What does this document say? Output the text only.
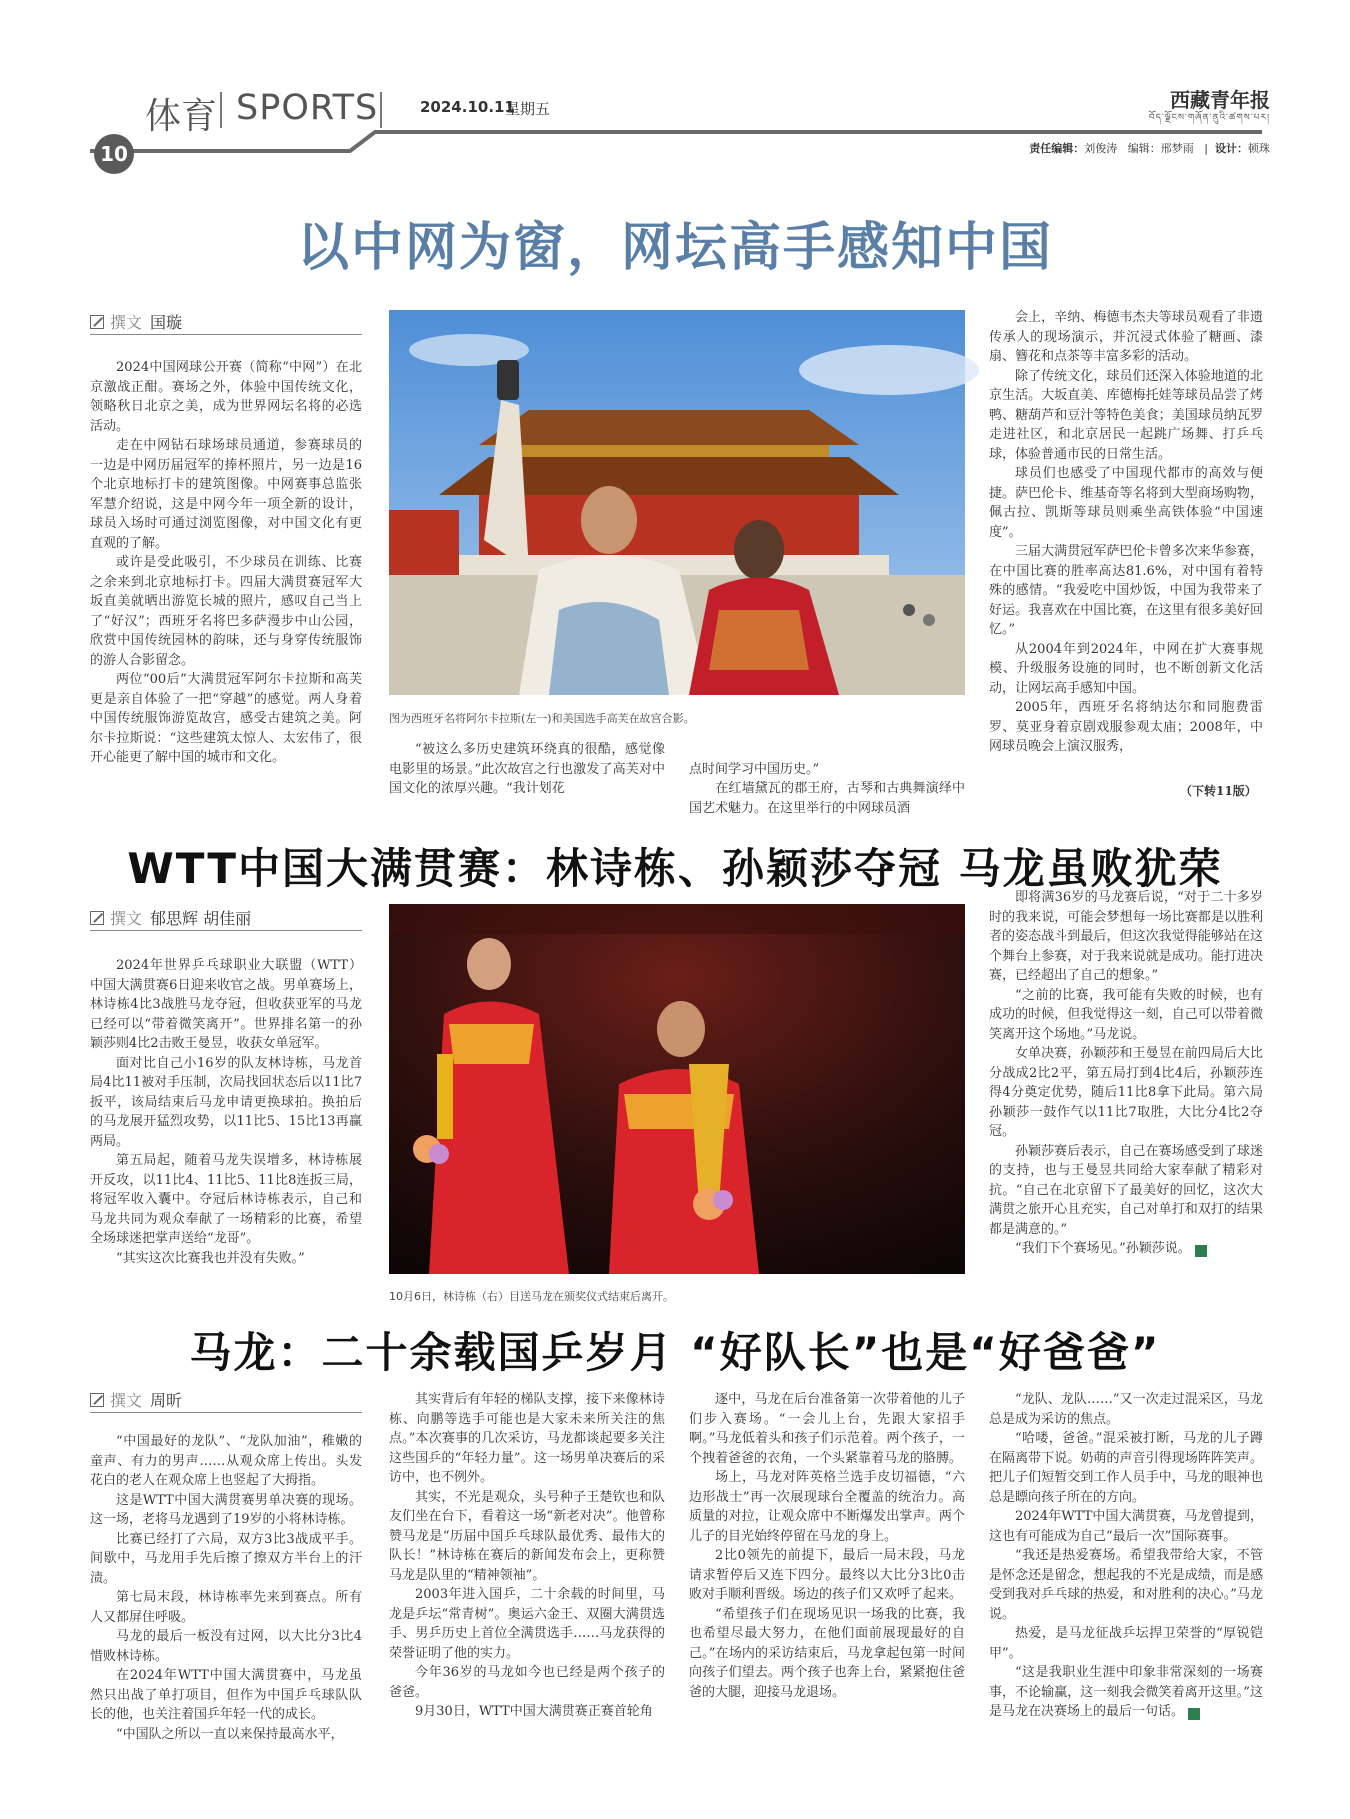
体育 SPORTS	2024.10.11
星期五	西藏青年报
བོད་ལྗོངས་གཞོན་ནུའི་ཚགས་པར།
10	责任编辑：刘俊涛 编辑：邢梦雨   |  设计：顿珠
以中网为窗，网坛高手感知中国
撰文 国璇

2024中国网球公开赛（简称“中网”）在北京激战正酣。赛场之外，体验中国传统文化，领略秋日北京之美，成为世界网坛名将的必选活动。

走在中网钻石球场球员通道，参赛球员的一边是中网历届冠军的捧杯照片，另一边是16个北京地标打卡的建筑图像。中网赛事总监张军慧介绍说，这是中网今年一项全新的设计，球员入场时可通过浏览图像，对中国文化有更直观的了解。

或许是受此吸引，不少球员在训练、比赛之余来到北京地标打卡。四届大满贯赛冠军大坂直美就晒出游览长城的照片，感叹自己当上了“好汉”；西班牙名将巴多萨漫步中山公园，欣赏中国传统园林的韵味，还与身穿传统服饰的游人合影留念。

两位“00后”大满贯冠军阿尔卡拉斯和高芙更是亲自体验了一把“穿越”的感觉。两人身着中国传统服饰游览故宫，感受古建筑之美。阿尔卡拉斯说：“这些建筑太惊人、太宏伟了，很开心能更了解中国的城市和文化。

图为西班牙名将阿尔卡拉斯(左一)和美国选手高芙在故宫合影。

“被这么多历史建筑环绕真的很酷，感觉像电影里的场景。”此次故宫之行也激发了高芙对中国文化的浓厚兴趣。“我计划花

点时间学习中国历史。”
　　在红墙黛瓦的郡王府，古琴和古典舞演绎中国艺术魅力。在这里举行的中网球员酒

会上，辛纳、梅德韦杰夫等球员观看了非遗传承人的现场演示，并沉浸式体验了糖画、漆扇、簪花和点茶等丰富多彩的活动。

除了传统文化，球员们还深入体验地道的北京生活。大坂直美、库德梅托娃等球员品尝了烤鸭、糖葫芦和豆汁等特色美食；美国球员纳瓦罗走进社区，和北京居民一起跳广场舞、打乒乓球，体验普通市民的日常生活。

球员们也感受了中国现代都市的高效与便捷。萨巴伦卡、维基奇等名将到大型商场购物，佩古拉、凯斯等球员则乘坐高铁体验“中国速度”。

三届大满贯冠军萨巴伦卡曾多次来华参赛，在中国比赛的胜率高达81.6%，对中国有着特殊的感情。“我爱吃中国炒饭，中国为我带来了好运。我喜欢在中国比赛，在这里有很多美好回忆。”

从2004年到2024年，中网在扩大赛事规模、升级服务设施的同时，也不断创新文化活动，让网坛高手感知中国。

2005年，西班牙名将纳达尔和同胞费雷罗、莫亚身着京剧戏服参观太庙；2008年，中网球员晚会上演汉服秀，

（下转11版）
WTT中国大满贯赛：林诗栋、孙颖莎夺冠 马龙虽败犹荣
撰文 郁思辉 胡佳丽

2024年世界乒乓球职业大联盟（WTT）中国大满贯赛6日迎来收官之战。男单赛场上，林诗栋4比3战胜马龙夺冠，但收获亚军的马龙已经可以“带着微笑离开”。世界排名第一的孙颖莎则4比2击败王曼昱，收获女单冠军。

面对比自己小16岁的队友林诗栋，马龙首局4比11被对手压制，次局找回状态后以11比7扳平，该局结束后马龙申请更换球拍。换拍后的马龙展开猛烈攻势，以11比5、15比13再赢两局。

第五局起，随着马龙失误增多，林诗栋展开反攻，以11比4、11比5、11比8连扳三局，将冠军收入囊中。夺冠后林诗栋表示，自己和马龙共同为观众奉献了一场精彩的比赛，希望全场球迷把掌声送给“龙哥”。

“其实这次比赛我也并没有失败。”

10月6日，林诗栋（右）目送马龙在颁奖仪式结束后离开。

即将满36岁的马龙赛后说，“对于二十多岁时的我来说，可能会梦想每一场比赛都是以胜利者的姿态战斗到最后，但这次我觉得能够站在这个舞台上参赛，对于我来说就是成功。能打进决赛，已经超出了自己的想象。”

“之前的比赛，我可能有失败的时候，也有成功的时候，但我觉得这一刻，自己可以带着微笑离开这个场地。”马龙说。

女单决赛，孙颖莎和王曼昱在前四局后大比分战成2比2平，第五局打到4比4后，孙颖莎连得4分奠定优势，随后11比8拿下此局。第六局孙颖莎一鼓作气以11比7取胜，大比分4比2夺冠。

孙颖莎赛后表示，自己在赛场感受到了球迷的支持，也与王曼昱共同给大家奉献了精彩对抗。“自己在北京留下了最美好的回忆，这次大满贯之旅开心且充实，自己对单打和双打的结果都是满意的。”

“我们下个赛场见。”孙颖莎说。	✦

马龙：二十余载国乒岁月 “好队长”也是“好爸爸”
撰文 周昕

“中国最好的龙队”、“龙队加油”，稚嫩的童声、有力的男声……从观众席上传出。头发花白的老人在观众席上也竖起了大拇指。

这是WTT中国大满贯赛男单决赛的现场。这一场，老将马龙遇到了19岁的小将林诗栋。

比赛已经打了六局，双方3比3战成平手。间歇中，马龙用手先后擦了擦双方半台上的汗渍。

第七局末段，林诗栋率先来到赛点。所有人又都屏住呼吸。

马龙的最后一板没有过网，以大比分3比4惜败林诗栋。

在2024年WTT中国大满贯赛中，马龙虽然只出战了单打项目，但作为中国乒乓球队队长的他，也关注着国乒年轻一代的成长。

“中国队之所以一直以来保持最高水平，

其实背后有年轻的梯队支撑，接下来像林诗栋、向鹏等选手可能也是大家未来所关注的焦点。”本次赛事的几次采访，马龙都谈起要多关注这些国乒的“年轻力量”。这一场男单决赛后的采访中，也不例外。

其实，不光是观众，头号种子王楚钦也和队友们坐在台下，看着这一场“新老对决”。他曾称赞马龙是“历届中国乒乓球队最优秀、最伟大的队长！”林诗栋在赛后的新闻发布会上，更称赞马龙是队里的“精神领袖”。

2003年进入国乒，二十余载的时间里，马龙是乒坛“常青树”。奥运六金王、双圈大满贯选手、男乒历史上首位全满贯选手……马龙获得的荣誉证明了他的实力。

今年36岁的马龙如今也已经是两个孩子的爸爸。

9月30日，WTT中国大满贯赛正赛首轮角

逐中，马龙在后台准备第一次带着他的儿子们步入赛场。“一会儿上台，先跟大家招手啊。”马龙低着头和孩子们示范着。两个孩子，一个拽着爸爸的衣角，一个头紧靠着马龙的胳膊。

场上，马龙对阵英格兰选手皮切福德，“六边形战士”再一次展现球台全覆盖的统治力。高质量的对拉，让观众席中不断爆发出掌声。两个儿子的目光始终停留在马龙的身上。

2比0领先的前提下，最后一局末段，马龙请求暂停后又连下四分。最终以大比分3比0击败对手顺利晋级。场边的孩子们又欢呼了起来。

“希望孩子们在现场见识一场我的比赛，我也希望尽最大努力，在他们面前展现最好的自己。”在场内的采访结束后，马龙拿起包第一时间向孩子们望去。两个孩子也奔上台，紧紧抱住爸爸的大腿，迎接马龙退场。

“龙队、龙队……”又一次走过混采区，马龙总是成为采访的焦点。

“哈喽，爸爸。”混采被打断，马龙的儿子蹲在隔离带下说。奶萌的声音引得现场阵阵笑声。把儿子们短暂交到工作人员手中，马龙的眼神也总是瞟向孩子所在的方向。

2024年WTT中国大满贯赛，马龙曾提到，这也有可能成为自己“最后一次”国际赛事。

“我还是热爱赛场。希望我带给大家，不管是怀念还是留念，想起我的不光是成绩，而是感受到我对乒乓球的热爱，和对胜利的决心。”马龙说。

热爱，是马龙征战乒坛捍卫荣誉的“厚锐铠甲”。

“这是我职业生涯中印象非常深刻的一场赛事，不论输赢，这一刻我会微笑着离开这里。”这是马龙在决赛场上的最后一句话。	✦
